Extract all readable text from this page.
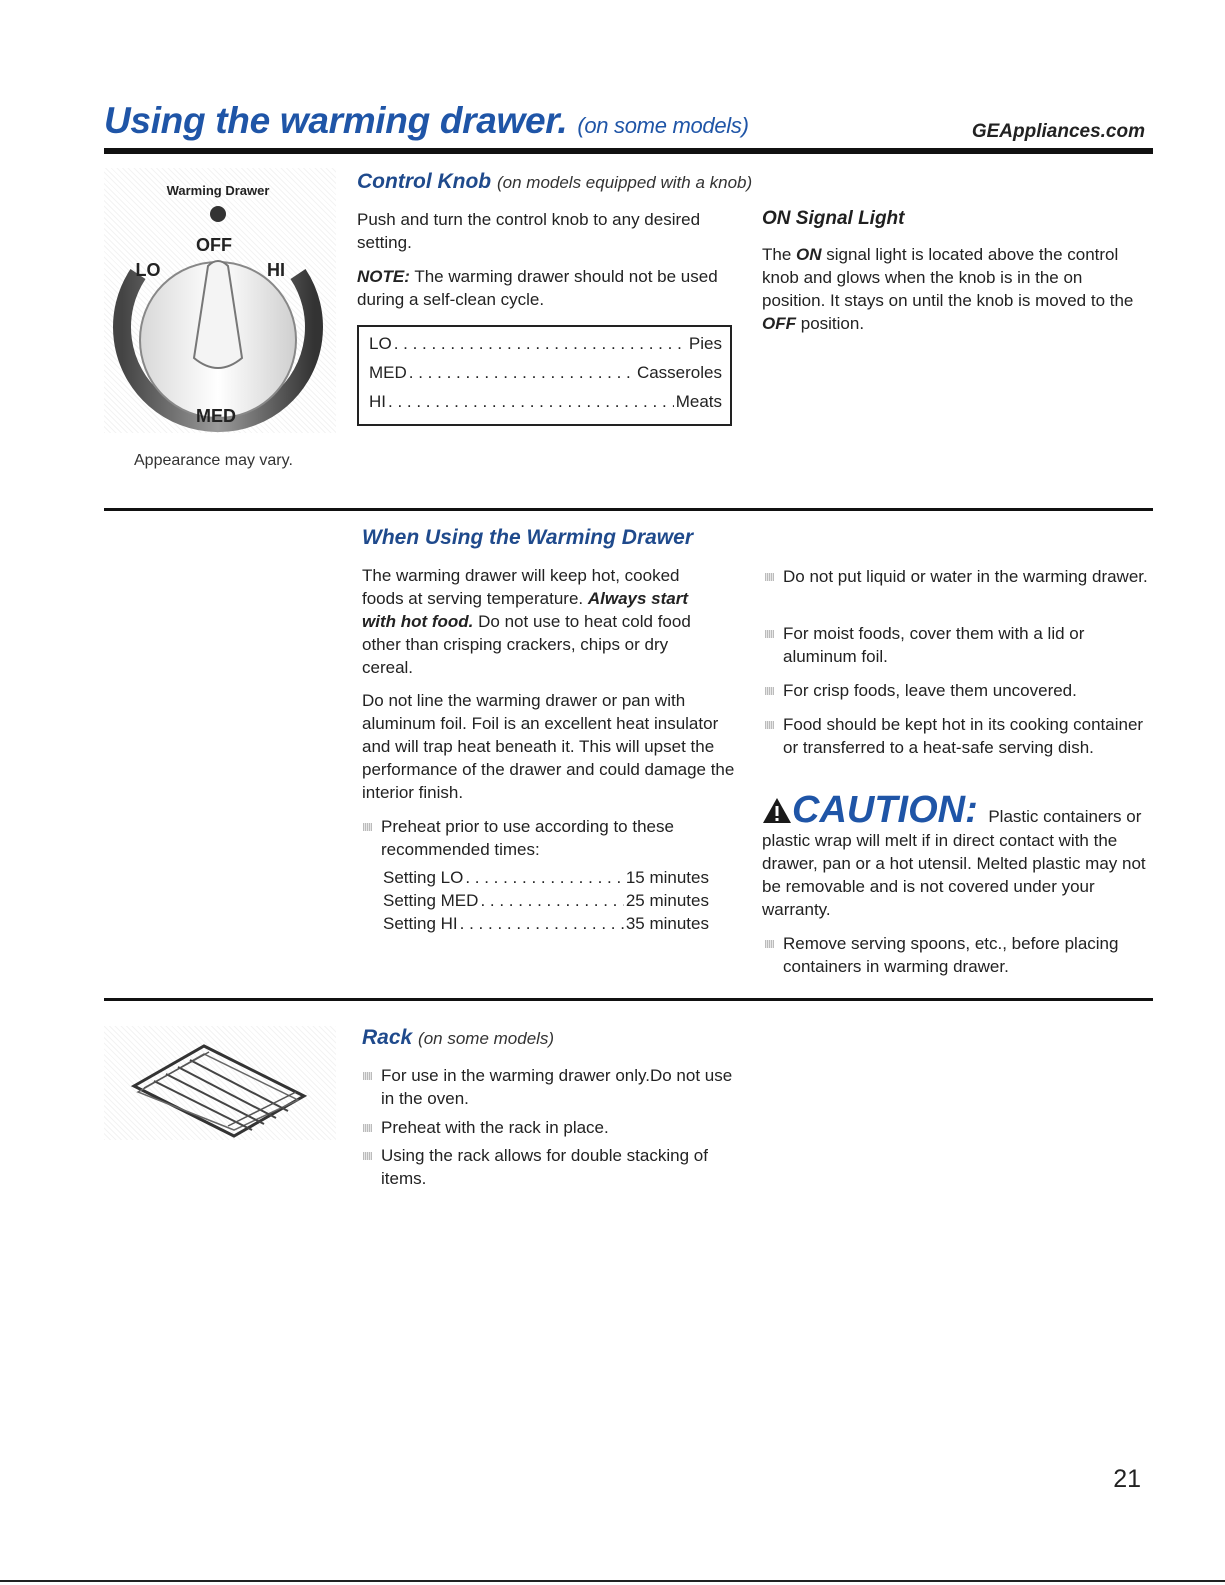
Using the warming drawer. (on some models)	GEAppliances.com
Warming Drawer
OFF
LO	HI
MED
Appearance may vary.
Control Knob (on models equipped with a knob)

Push and turn the control knob to any desired setting.

NOTE: The warming drawer should not be used during a self-clean cycle.

LO . . .	Pies
MED . . .	Casseroles
HI . . .	Meats
ON Signal Light

The ON signal light is located above the control knob and glows when the knob is in the on position. It stays on until the knob is moved to the OFF position.

When Using the Warming Drawer

The warming drawer will keep hot, cooked foods at serving temperature. Always start with hot food. Do not use to heat cold food other than crisping crackers, chips or dry cereal.

Do not line the warming drawer or pan with aluminum foil. Foil is an excellent heat insulator and will trap heat beneath it. This will upset the performance of the drawer and could damage the interior finish.

Preheat prior to use according to these recommended times:

Setting LO . . .	15 minutes
Setting MED . . .	25 minutes
Setting HI . . .	35 minutes

Do not put liquid or water in the warming drawer.

For moist foods, cover them with a lid or aluminum foil.

For crisp foods, leave them uncovered.

Food should be kept hot in its cooking container or transferred to a heat-safe serving dish.

CAUTION: Plastic containers or

plastic wrap will melt if in direct contact with the drawer, pan or a hot utensil. Melted plastic may not be removable and is not covered under your warranty.

Remove serving spoons, etc., before placing containers in warming drawer.

Rack (on some models)

For use in the warming drawer only.Do not use in the oven.

Preheat with the rack in place.

Using the rack allows for double stacking of items.

21
